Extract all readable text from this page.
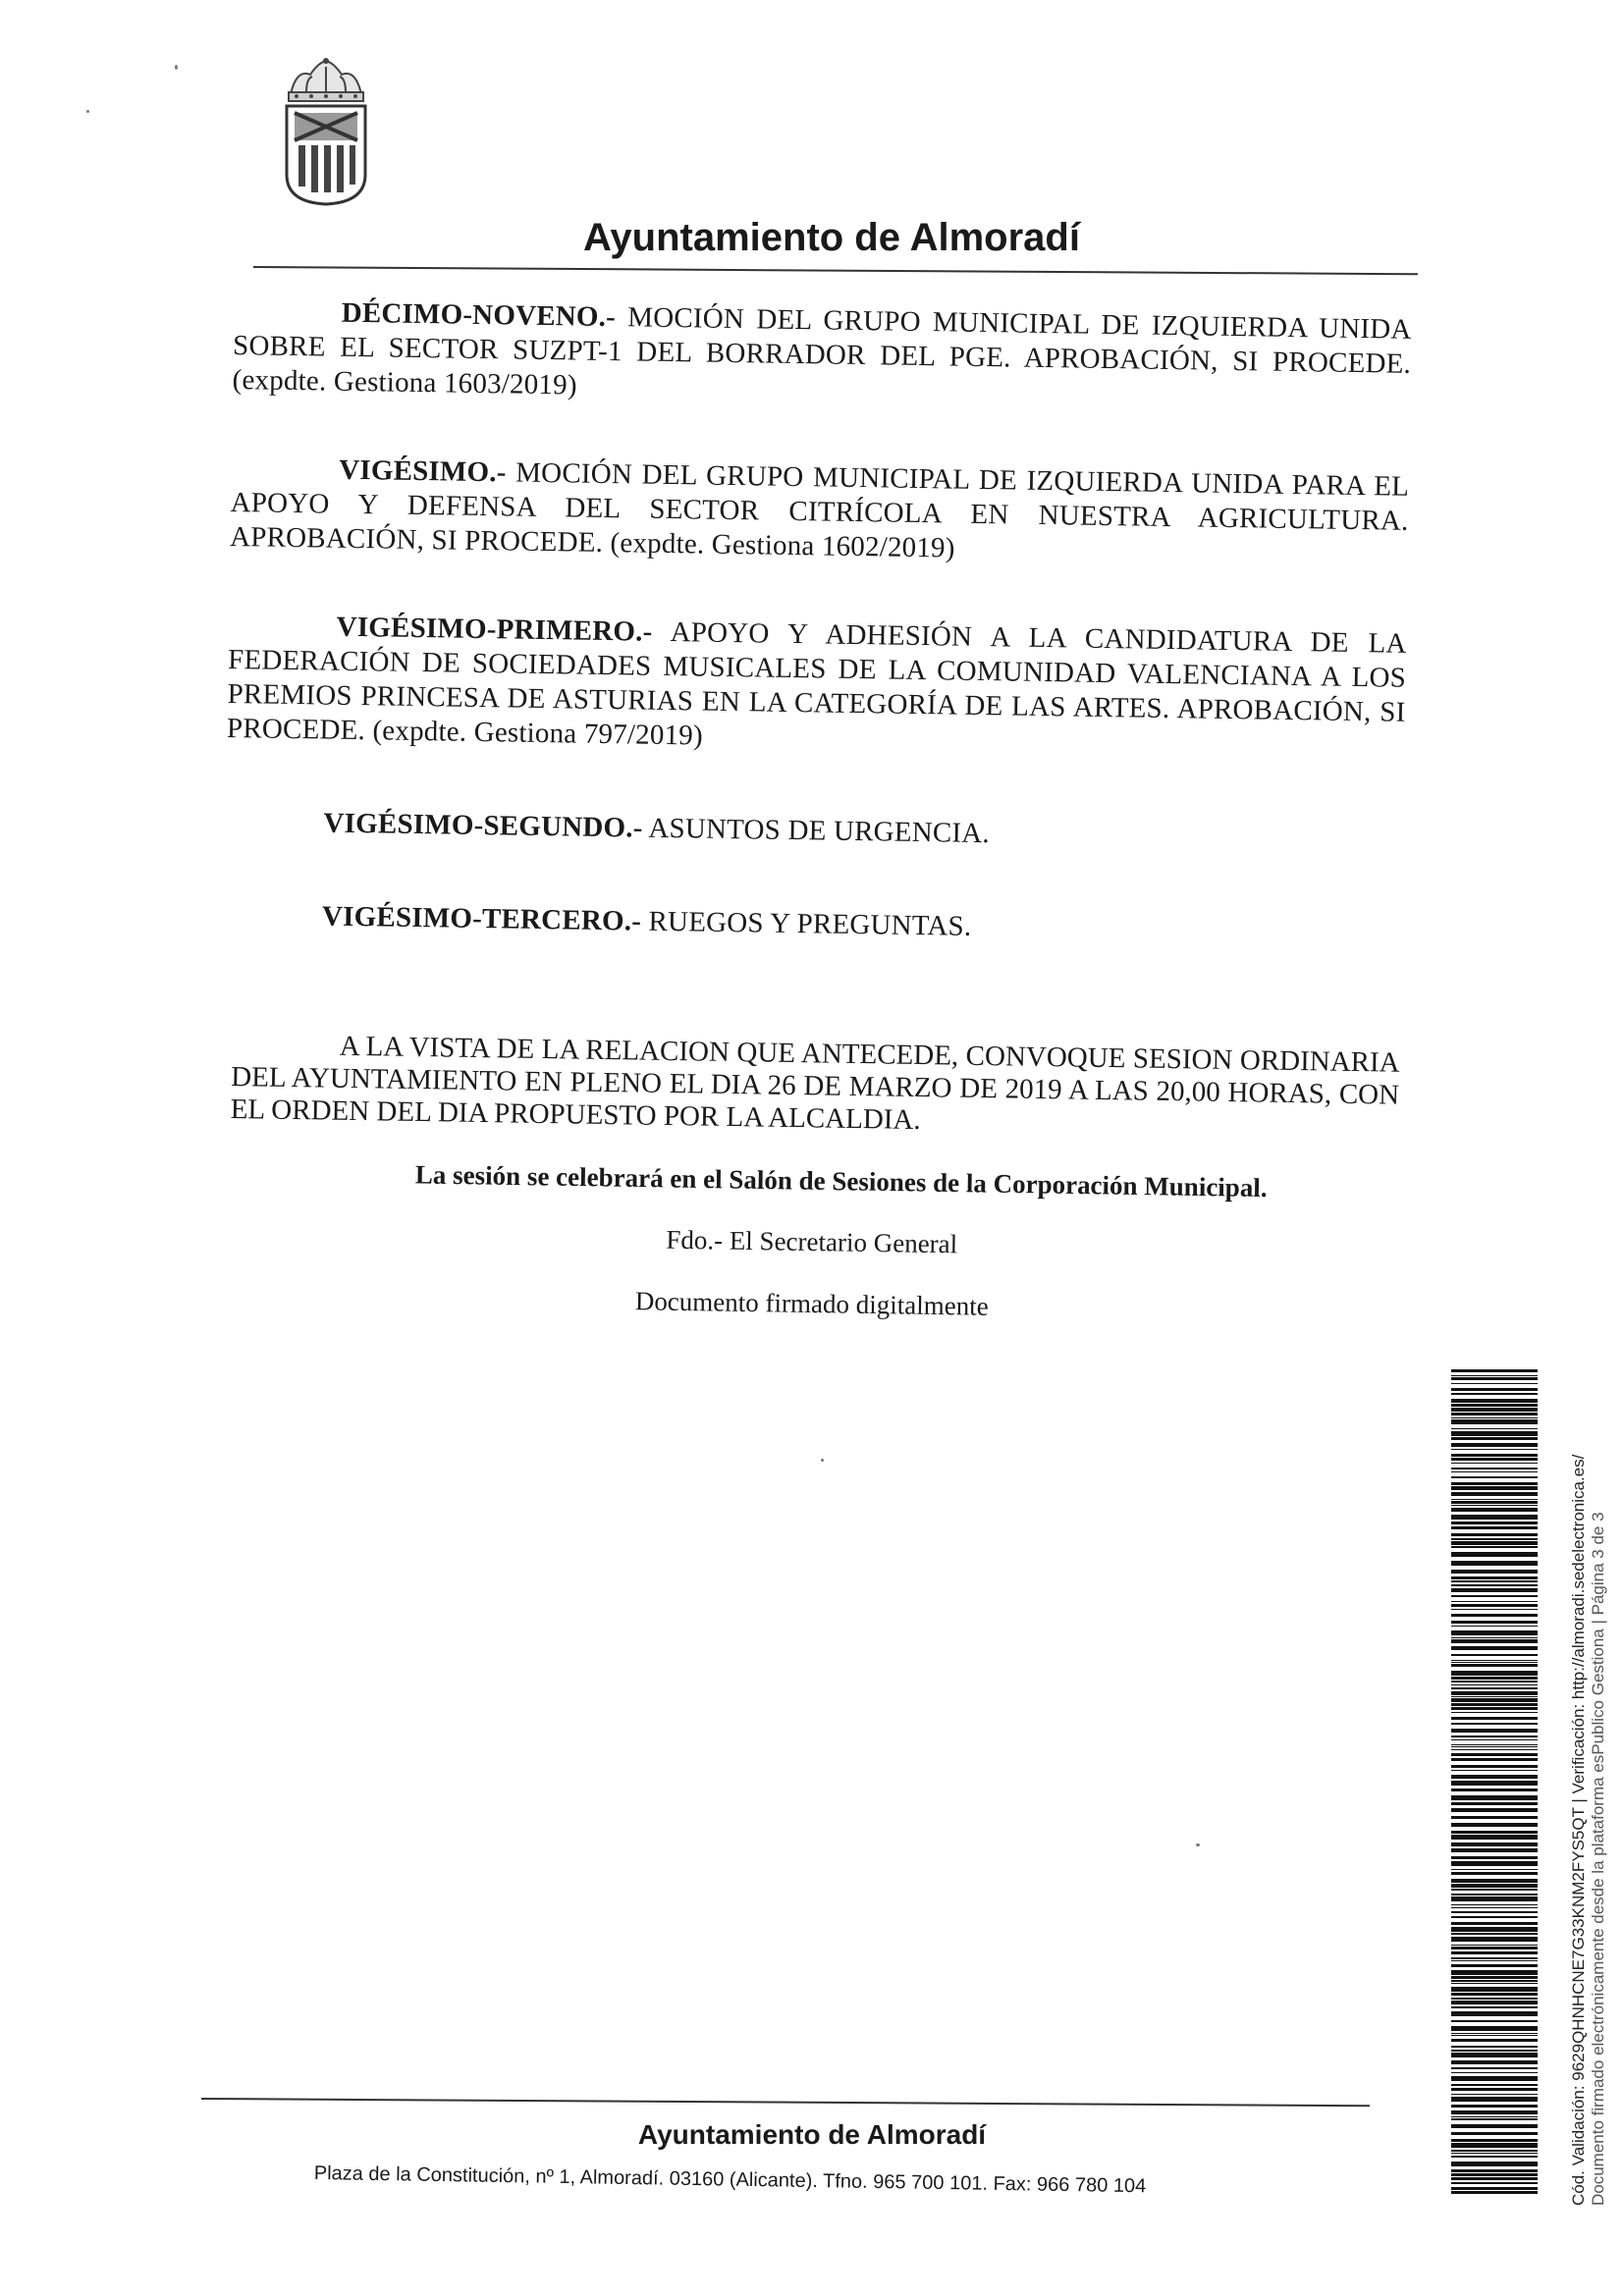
Ayuntamiento de Almoradí

DÉCIMO-NOVENO.- MOCIÓN DEL GRUPO MUNICIPAL DE IZQUIERDA UNIDA SOBRE EL SECTOR SUZPT-1 DEL BORRADOR DEL PGE. APROBACIÓN, SI PROCEDE. (expdte. Gestiona 1603/2019)

VIGÉSIMO.- MOCIÓN DEL GRUPO MUNICIPAL DE IZQUIERDA UNIDA PARA EL APOYO Y DEFENSA DEL SECTOR CITRÍCOLA EN NUESTRA AGRICULTURA. APROBACIÓN, SI PROCEDE. (expdte. Gestiona 1602/2019)

VIGÉSIMO-PRIMERO.- APOYO Y ADHESIÓN A LA CANDIDATURA DE LA FEDERACIÓN DE SOCIEDADES MUSICALES DE LA COMUNIDAD VALENCIANA A LOS PREMIOS PRINCESA DE ASTURIAS EN LA CATEGORÍA DE LAS ARTES. APROBACIÓN, SI PROCEDE. (expdte. Gestiona 797/2019)

VIGÉSIMO-SEGUNDO.- ASUNTOS DE URGENCIA.

VIGÉSIMO-TERCERO.- RUEGOS Y PREGUNTAS.

A LA VISTA DE LA RELACION QUE ANTECEDE, CONVOQUE SESION ORDINARIA DEL AYUNTAMIENTO EN PLENO EL DIA 26 DE MARZO DE 2019 A LAS 20,00 HORAS, CON EL ORDEN DEL DIA PROPUESTO POR LA ALCALDIA.

La sesión se celebrará en el Salón de Sesiones de la Corporación Municipal.
Fdo.- El Secretario General
Documento firmado digitalmente
Cód. Validación: 9629QHNHCNE7G33KNM2FYS5QT | Verificación: http://almoradi.sedelectronica.es/ Documento firmado electrónicamente desde la plataforma esPublico Gestiona | Página 3 de 3
Ayuntamiento de Almoradí
Plaza de la Constitución, nº 1, Almoradí. 03160 (Alicante). Tfno. 965 700 101. Fax: 966 780 104
